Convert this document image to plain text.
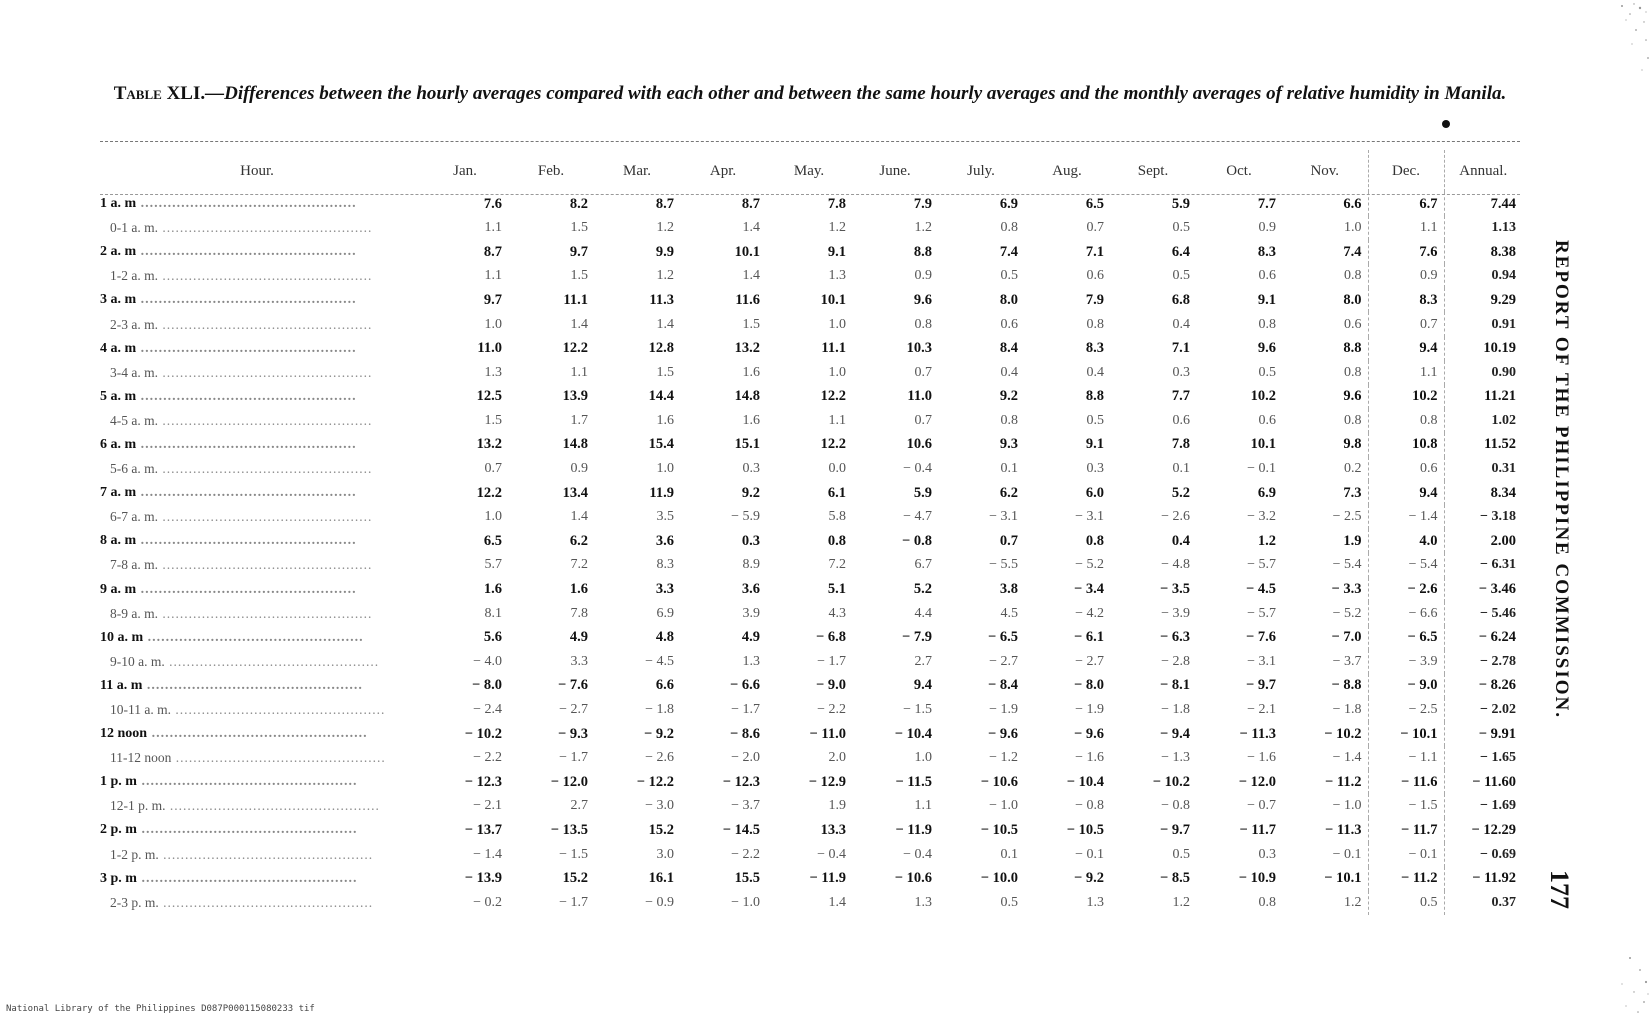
Table XLI.—Differences between the hourly averages compared with each other and between the same hourly averages and the monthly averages of relative humidity in Manila.
Hour.	Jan.	Feb.	Mar.	Apr.	May.	June.	July.	Aug.	Sept.	Oct.	Nov.	Dec.	Annual.
1 a. m ................................................	7.6	8.2	8.7	8.7	7.8	7.9	6.9	6.5	5.9	7.7	6.6	6.7	7.44
0-1 a. m. ................................................	1.1	1.5	1.2	1.4	1.2	1.2	0.8	0.7	0.5	0.9	1.0	1.1	1.13
2 a. m ................................................	8.7	9.7	9.9	10.1	9.1	8.8	7.4	7.1	6.4	8.3	7.4	7.6	8.38
1-2 a. m. ................................................	1.1	1.5	1.2	1.4	1.3	0.9	0.5	0.6	0.5	0.6	0.8	0.9	0.94
3 a. m ................................................	9.7	11.1	11.3	11.6	10.1	9.6	8.0	7.9	6.8	9.1	8.0	8.3	9.29
2-3 a. m. ................................................	1.0	1.4	1.4	1.5	1.0	0.8	0.6	0.8	0.4	0.8	0.6	0.7	0.91
4 a. m ................................................	11.0	12.2	12.8	13.2	11.1	10.3	8.4	8.3	7.1	9.6	8.8	9.4	10.19
3-4 a. m. ................................................	1.3	1.1	1.5	1.6	1.0	0.7	0.4	0.4	0.3	0.5	0.8	1.1	0.90
5 a. m ................................................	12.5	13.9	14.4	14.8	12.2	11.0	9.2	8.8	7.7	10.2	9.6	10.2	11.21
4-5 a. m. ................................................	1.5	1.7	1.6	1.6	1.1	0.7	0.8	0.5	0.6	0.6	0.8	0.8	1.02
6 a. m ................................................	13.2	14.8	15.4	15.1	12.2	10.6	9.3	9.1	7.8	10.1	9.8	10.8	11.52
5-6 a. m. ................................................	0.7	0.9	1.0	0.3	0.0	− 0.4	0.1	0.3	0.1	− 0.1	0.2	0.6	0.31
7 a. m ................................................	12.2	13.4	11.9	9.2	6.1	5.9	6.2	6.0	5.2	6.9	7.3	9.4	8.34
6-7 a. m. ................................................	1.0	1.4	3.5	− 5.9	5.8	− 4.7	− 3.1	− 3.1	− 2.6	− 3.2	− 2.5	− 1.4	− 3.18
8 a. m ................................................	6.5	6.2	3.6	0.3	0.8	− 0.8	0.7	0.8	0.4	1.2	1.9	4.0	2.00
7-8 a. m. ................................................	5.7	7.2	8.3	8.9	7.2	6.7	− 5.5	− 5.2	− 4.8	− 5.7	− 5.4	− 5.4	− 6.31
9 a. m ................................................	1.6	1.6	3.3	3.6	5.1	5.2	3.8	− 3.4	− 3.5	− 4.5	− 3.3	− 2.6	− 3.46
8-9 a. m. ................................................	8.1	7.8	6.9	3.9	4.3	4.4	4.5	− 4.2	− 3.9	− 5.7	− 5.2	− 6.6	− 5.46
10 a. m ................................................	5.6	4.9	4.8	4.9	− 6.8	− 7.9	− 6.5	− 6.1	− 6.3	− 7.6	− 7.0	− 6.5	− 6.24
9-10 a. m. ................................................	− 4.0	3.3	− 4.5	1.3	− 1.7	2.7	− 2.7	− 2.7	− 2.8	− 3.1	− 3.7	− 3.9	− 2.78
11 a. m ................................................	− 8.0	− 7.6	6.6	− 6.6	− 9.0	9.4	− 8.4	− 8.0	− 8.1	− 9.7	− 8.8	− 9.0	− 8.26
10-11 a. m. ................................................	− 2.4	− 2.7	− 1.8	− 1.7	− 2.2	− 1.5	− 1.9	− 1.9	− 1.8	− 2.1	− 1.8	− 2.5	− 2.02
12 noon ................................................	− 10.2	− 9.3	− 9.2	− 8.6	− 11.0	− 10.4	− 9.6	− 9.6	− 9.4	− 11.3	− 10.2	− 10.1	− 9.91
11-12 noon ................................................	− 2.2	− 1.7	− 2.6	− 2.0	2.0	1.0	− 1.2	− 1.6	− 1.3	− 1.6	− 1.4	− 1.1	− 1.65
1 p. m ................................................	− 12.3	− 12.0	− 12.2	− 12.3	− 12.9	− 11.5	− 10.6	− 10.4	− 10.2	− 12.0	− 11.2	− 11.6	− 11.60
12-1 p. m. ................................................	− 2.1	2.7	− 3.0	− 3.7	1.9	1.1	− 1.0	− 0.8	− 0.8	− 0.7	− 1.0	− 1.5	− 1.69
2 p. m ................................................	− 13.7	− 13.5	15.2	− 14.5	13.3	− 11.9	− 10.5	− 10.5	− 9.7	− 11.7	− 11.3	− 11.7	− 12.29
1-2 p. m. ................................................	− 1.4	− 1.5	3.0	− 2.2	− 0.4	− 0.4	0.1	− 0.1	0.5	0.3	− 0.1	− 0.1	− 0.69
3 p. m ................................................	− 13.9	15.2	16.1	15.5	− 11.9	− 10.6	− 10.0	− 9.2	− 8.5	− 10.9	− 10.1	− 11.2	− 11.92
2-3 p. m. ................................................	− 0.2	− 1.7	− 0.9	− 1.0	1.4	1.3	0.5	1.3	1.2	0.8	1.2	0.5	0.37
REPORT OF THE PHILIPPINE COMMISSION.
177
National Library of the Philippines D087P000115080233 tif
